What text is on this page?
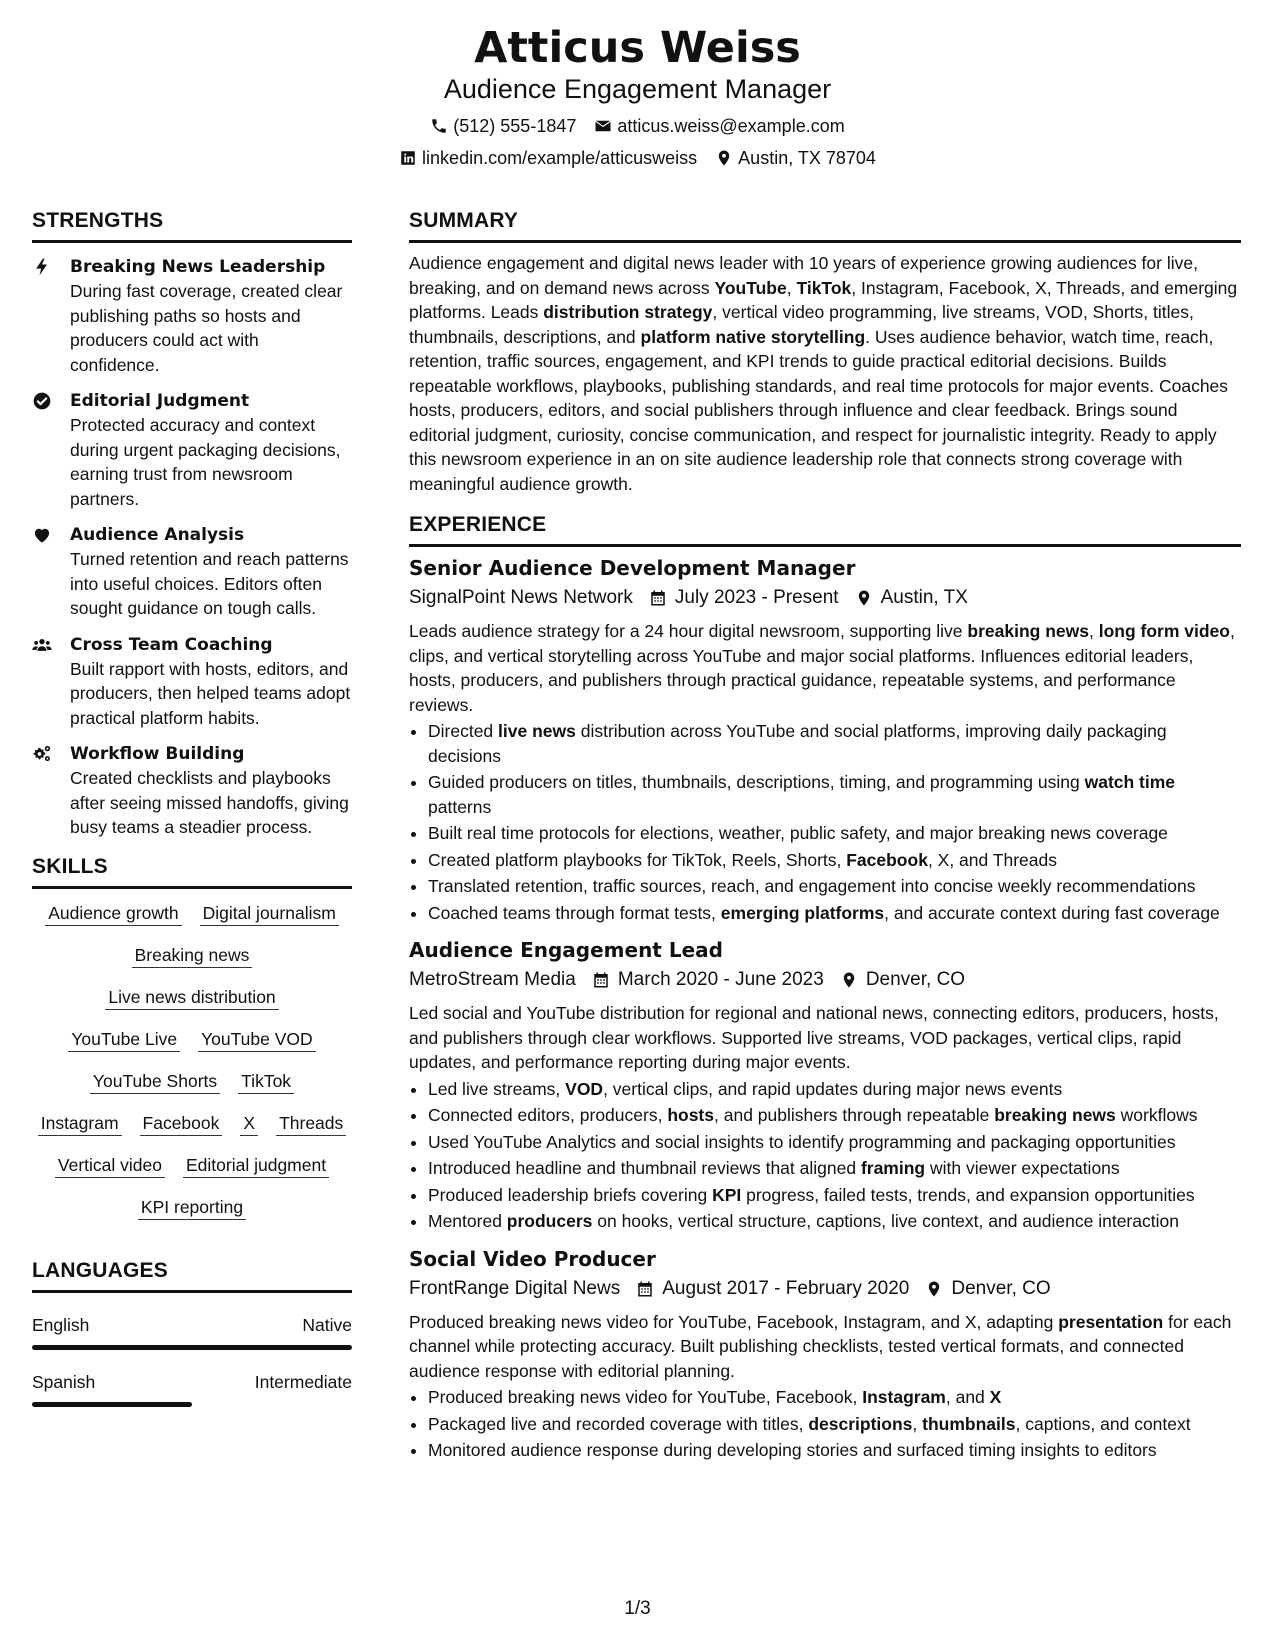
Atticus Weiss
Audience Engagement Manager
(512) 555-1847 atticus.weiss@example.com
linkedin.com/example/atticusweiss Austin, TX 78704
STRENGTHS
Breaking News Leadership
During fast coverage, created clear publishing paths so hosts and producers could act with confidence.
Editorial Judgment
Protected accuracy and context during urgent packaging decisions, earning trust from newsroom partners.
Audience Analysis
Turned retention and reach patterns into useful choices. Editors often sought guidance on tough calls.
Cross Team Coaching
Built rapport with hosts, editors, and producers, then helped teams adopt practical platform habits.
Workflow Building
Created checklists and playbooks after seeing missed handoffs, giving busy teams a steadier process.
SKILLS
Audience growth Digital journalism
Breaking news
Live news distribution
YouTube Live YouTube VOD
YouTube Shorts TikTok
Instagram Facebook X Threads
Vertical video Editorial judgment
KPI reporting
LANGUAGES
English	Native
Spanish	Intermediate
SUMMARY

Audience engagement and digital news leader with 10 years of experience growing audiences for live, breaking, and on demand news across YouTube, TikTok, Instagram, Facebook, X, Threads, and emerging platforms. Leads distribution strategy, vertical video programming, live streams, VOD, Shorts, titles, thumbnails, descriptions, and platform native storytelling. Uses audience behavior, watch time, reach, retention, traffic sources, engagement, and KPI trends to guide practical editorial decisions. Builds repeatable workflows, playbooks, publishing standards, and real time protocols for major events. Coaches hosts, producers, editors, and social publishers through influence and clear feedback. Brings sound editorial judgment, curiosity, concise communication, and respect for journalistic integrity. Ready to apply this newsroom experience in an on site audience leadership role that connects strong coverage with meaningful audience growth.

EXPERIENCE
Senior Audience Development Manager
SignalPoint News Network July 2023 - Present Austin, TX
Leads audience strategy for a 24 hour digital newsroom, supporting live breaking news, long form video, clips, and vertical storytelling across YouTube and major social platforms. Influences editorial leaders, hosts, producers, and publishers through practical guidance, repeatable systems, and performance reviews.
• Directed live news distribution across YouTube and social platforms, improving daily packaging decisions
• Guided producers on titles, thumbnails, descriptions, timing, and programming using watch time patterns
• Built real time protocols for elections, weather, public safety, and major breaking news coverage
• Created platform playbooks for TikTok, Reels, Shorts, Facebook, X, and Threads
• Translated retention, traffic sources, reach, and engagement into concise weekly recommendations
• Coached teams through format tests, emerging platforms, and accurate context during fast coverage
Audience Engagement Lead
MetroStream Media March 2020 - June 2023 Denver, CO
Led social and YouTube distribution for regional and national news, connecting editors, producers, hosts, and publishers through clear workflows. Supported live streams, VOD packages, vertical clips, rapid updates, and performance reporting during major events.
• Led live streams, VOD, vertical clips, and rapid updates during major news events
• Connected editors, producers, hosts, and publishers through repeatable breaking news workflows
• Used YouTube Analytics and social insights to identify programming and packaging opportunities
• Introduced headline and thumbnail reviews that aligned framing with viewer expectations
• Produced leadership briefs covering KPI progress, failed tests, trends, and expansion opportunities
• Mentored producers on hooks, vertical structure, captions, live context, and audience interaction
Social Video Producer
FrontRange Digital News August 2017 - February 2020 Denver, CO
Produced breaking news video for YouTube, Facebook, Instagram, and X, adapting presentation for each channel while protecting accuracy. Built publishing checklists, tested vertical formats, and connected audience response with editorial planning.
• Produced breaking news video for YouTube, Facebook, Instagram, and X
• Packaged live and recorded coverage with titles, descriptions, thumbnails, captions, and context
• Monitored audience response during developing stories and surfaced timing insights to editors
1/3
